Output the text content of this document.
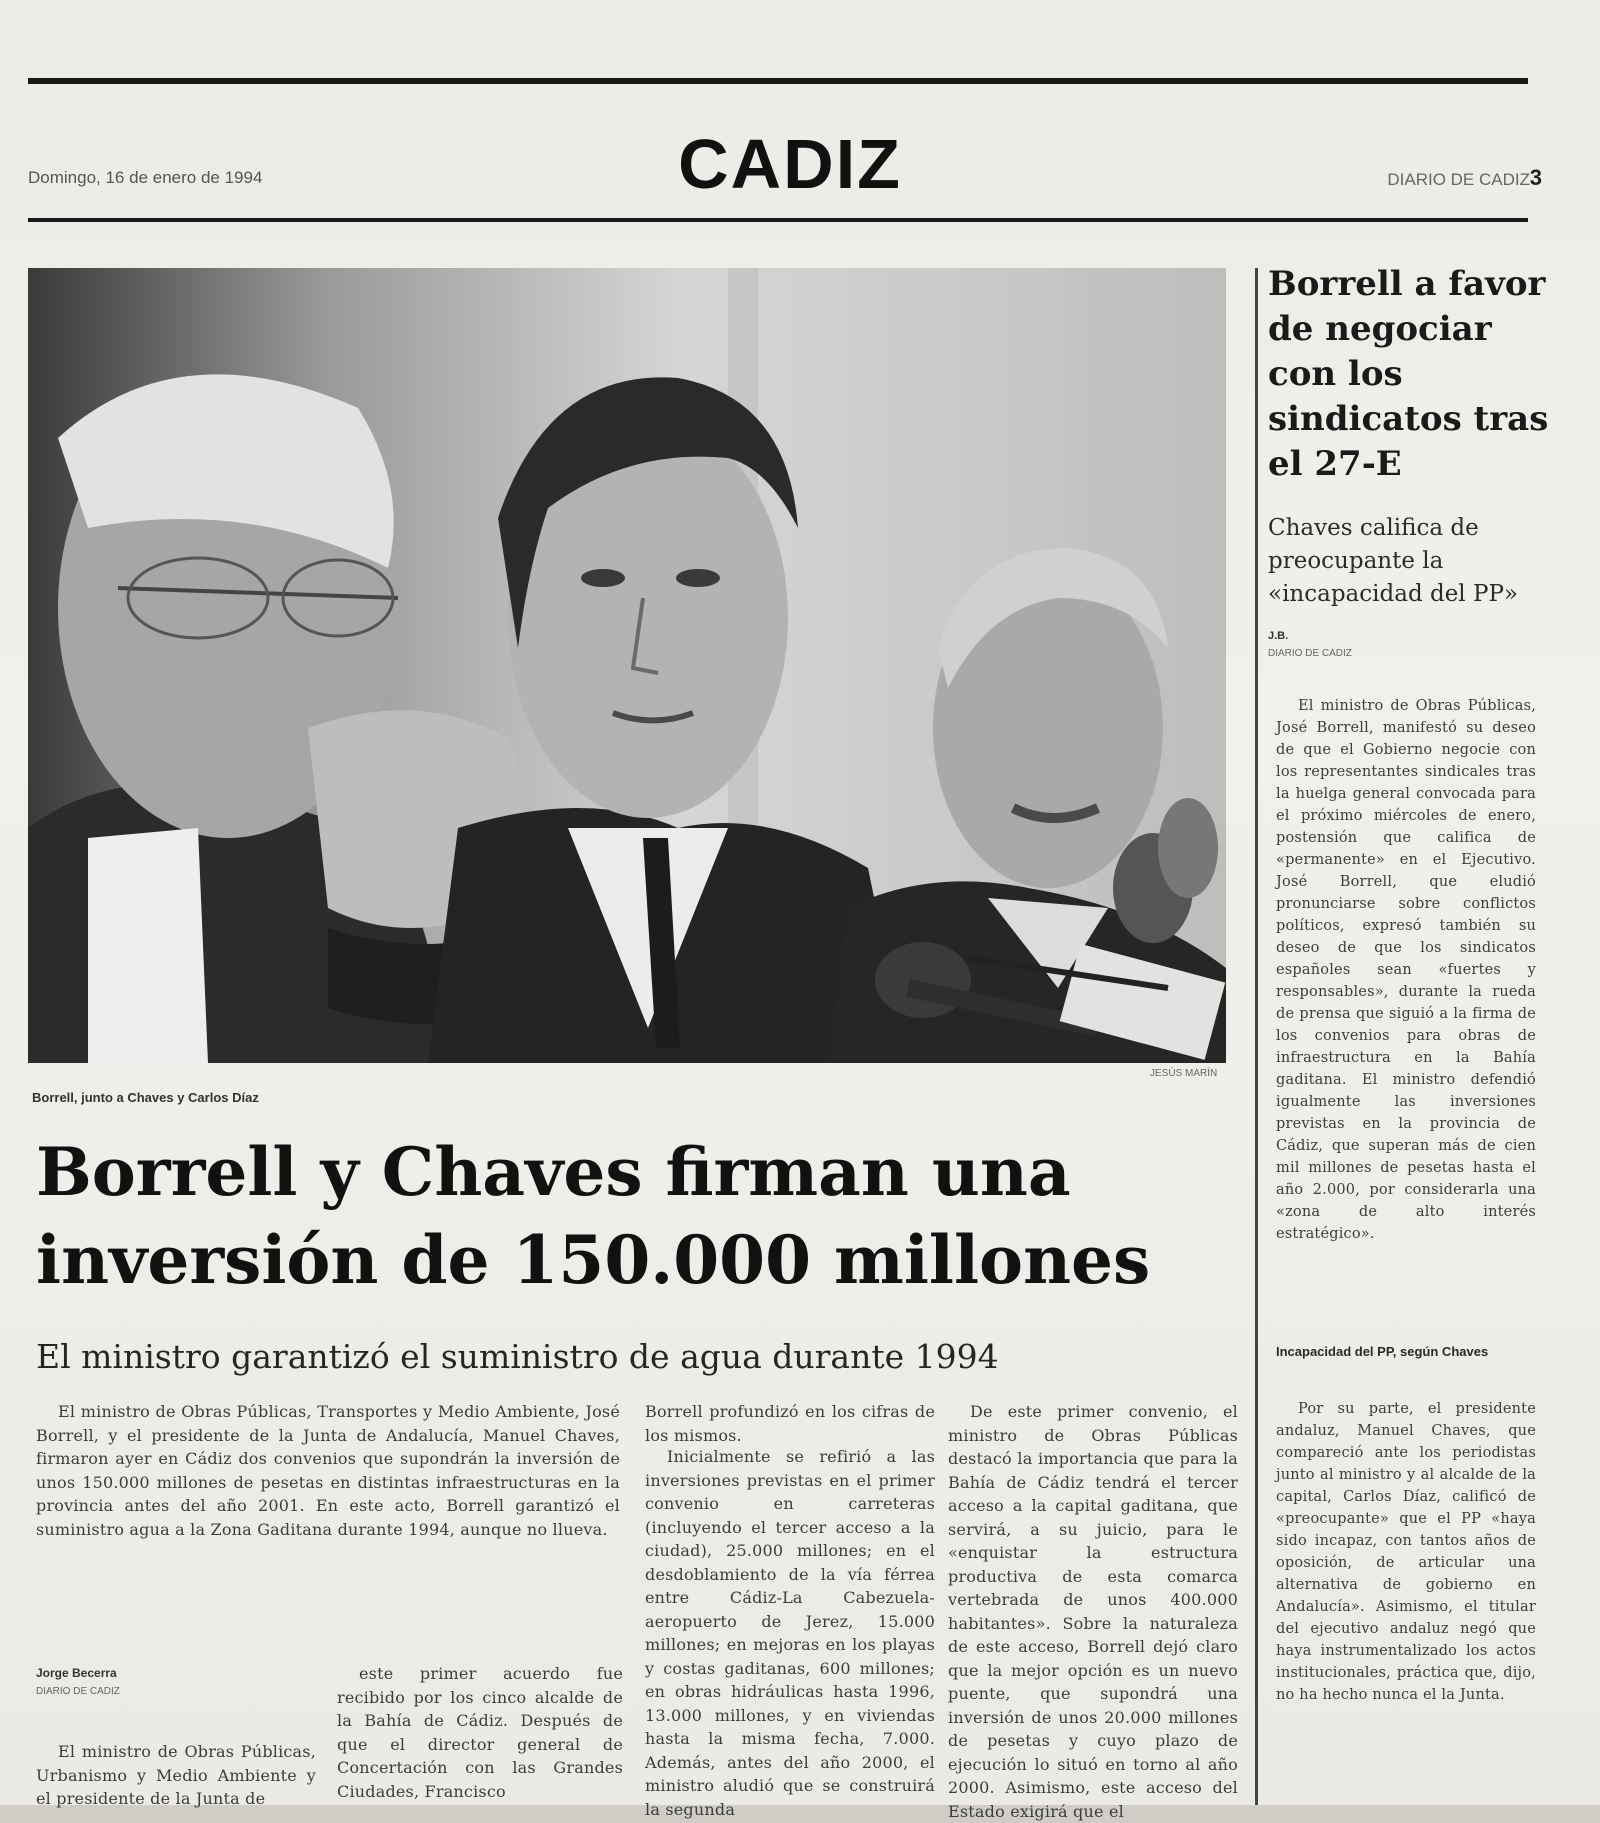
Domingo, 16 de enero de 1994	CADIZ	DIARIO DE CADIZ 3
JESÚS MARÍN
Borrell, junto a Chaves y Carlos Díaz
Borrell y Chaves firman una
inversión de 150.000 millones
El ministro garantizó el suministro de agua durante 1994

El ministro de Obras Públicas, Transportes y Medio Ambiente, José Borrell, y el presidente de la Junta de Andalucía, Manuel Chaves, firmaron ayer en Cádiz dos convenios que supondrán la inversión de unos 150.000 millones de pesetas en distintas infraestructuras en la provincia antes del año 2001. En este acto, Borrell garantizó el suministro agua a la Zona Gaditana durante 1994, aunque no llueva.

Jorge Becerra
DIARIO DE CADIZ

El ministro de Obras Públicas, Urbanismo y Medio Ambiente y el presidente de la Junta de

este primer acuerdo fue recibido por los cinco alcalde de la Bahía de Cádiz. Después de que el director general de Concertación con las Grandes Ciudades, Francisco

Borrell profundizó en los cifras de los mismos.

Inicialmente se refirió a las inversiones previstas en el primer convenio en carreteras (incluyendo el tercer acceso a la ciudad), 25.000 millones; en el desdoblamiento de la vía férrea entre Cádiz-La Cabezuela-aeropuerto de Jerez, 15.000 millones; en mejoras en los playas y costas gaditanas, 600 millones; en obras hidráulicas hasta 1996, 13.000 millones, y en viviendas hasta la misma fecha, 7.000. Además, antes del año 2000, el ministro aludió que se construirá la segunda

De este primer convenio, el ministro de Obras Públicas destacó la importancia que para la Bahía de Cádiz tendrá el tercer acceso a la capital gaditana, que servirá, a su juicio, para le «enquistar la estructura productiva de esta comarca vertebrada de unos 400.000 habitantes». Sobre la naturaleza de este acceso, Borrell dejó claro que la mejor opción es un nuevo puente, que supondrá una inversión de unos 20.000 millones de pesetas y cuyo plazo de ejecución lo situó en torno al año 2000. Asimismo, este acceso del Estado exigirá que el

Borrell a favor de negociar con los sindicatos tras el 27-E
Chaves califica de preocupante la «incapacidad del PP»
J.B.
DIARIO DE CADIZ

El ministro de Obras Públicas, José Borrell, manifestó su deseo de que el Gobierno negocie con los representantes sindicales tras la huelga general convocada para el próximo miércoles de enero, postensión que califica de «permanente» en el Ejecutivo. José Borrell, que eludió pronunciarse sobre conflictos políticos, expresó también su deseo de que los sindicatos españoles sean «fuertes y responsables», durante la rueda de prensa que siguió a la firma de los convenios para obras de infraestructura en la Bahía gaditana. El ministro defendió igualmente las inversiones previstas en la provincia de Cádiz, que superan más de cien mil millones de pesetas hasta el año 2.000, por considerarla una «zona de alto interés estratégico».

Incapacidad del PP, según Chaves

Por su parte, el presidente andaluz, Manuel Chaves, que compareció ante los periodistas junto al ministro y al alcalde de la capital, Carlos Díaz, calificó de «preocupante» que el PP «haya sido incapaz, con tantos años de oposición, de articular una alternativa de gobierno en Andalucía». Asimismo, el titular del ejecutivo andaluz negó que haya instrumentalizado los actos institucionales, práctica que, dijo, no ha hecho nunca el la Junta.
